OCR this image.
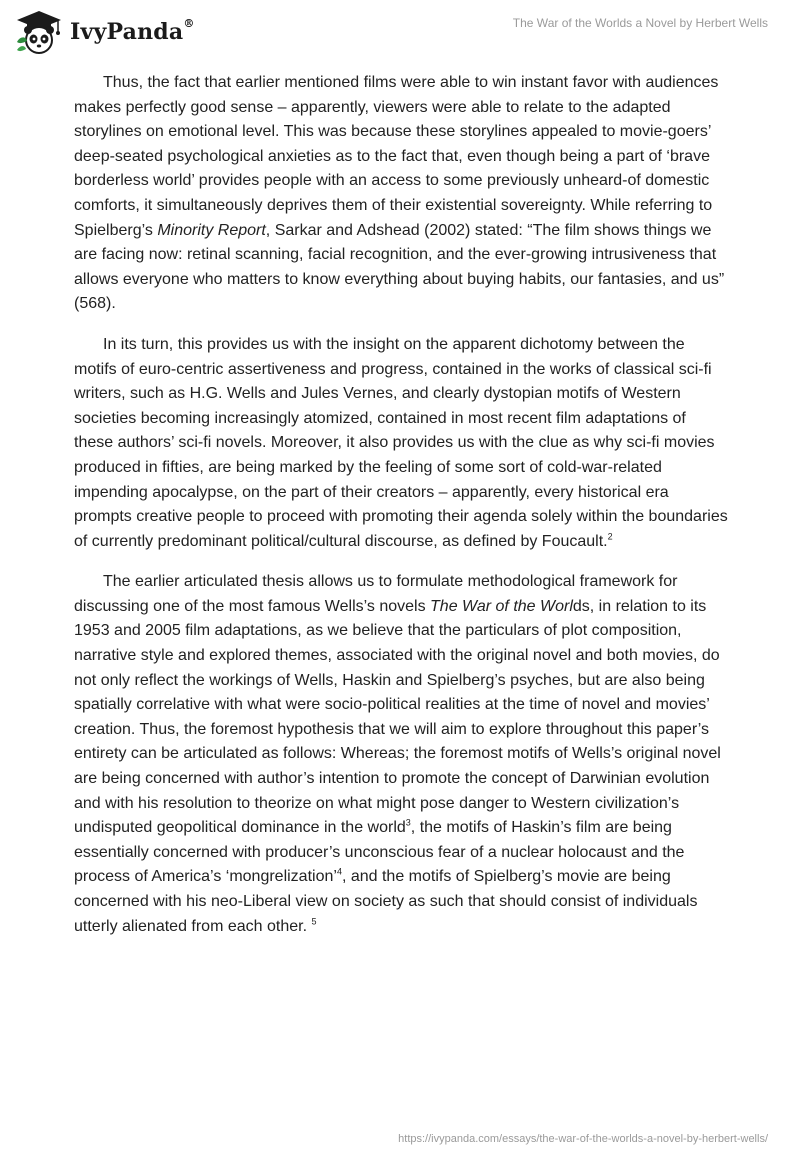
IvyPanda®	The War of the Worlds a Novel by Herbert Wells

Thus, the fact that earlier mentioned films were able to win instant favor with audiences makes perfectly good sense – apparently, viewers were able to relate to the adapted storylines on emotional level. This was because these storylines appealed to movie-goers’ deep-seated psychological anxieties as to the fact that, even though being a part of ‘brave borderless world’ provides people with an access to some previously unheard-of domestic comforts, it simultaneously deprives them of their existential sovereignty. While referring to Spielberg’s Minority Report, Sarkar and Adshead (2002) stated: “The film shows things we are facing now: retinal scanning, facial recognition, and the ever-growing intrusiveness that allows everyone who matters to know everything about buying habits, our fantasies, and us” (568).

In its turn, this provides us with the insight on the apparent dichotomy between the motifs of euro-centric assertiveness and progress, contained in the works of classical sci-fi writers, such as H.G. Wells and Jules Vernes, and clearly dystopian motifs of Western societies becoming increasingly atomized, contained in most recent film adaptations of these authors’ sci-fi novels. Moreover, it also provides us with the clue as why sci-fi movies produced in fifties, are being marked by the feeling of some sort of cold-war-related impending apocalypse, on the part of their creators – apparently, every historical era prompts creative people to proceed with promoting their agenda solely within the boundaries of currently predominant political/cultural discourse, as defined by Foucault.$^2$

The earlier articulated thesis allows us to formulate methodological framework for discussing one of the most famous Wells’s novels The War of the Worlds, in relation to its 1953 and 2005 film adaptations, as we believe that the particulars of plot composition, narrative style and explored themes, associated with the original novel and both movies, do not only reflect the workings of Wells, Haskin and Spielberg’s psyches, but are also being spatially correlative with what were socio-political realities at the time of novel and movies’ creation. Thus, the foremost hypothesis that we will aim to explore throughout this paper’s entirety can be articulated as follows: Whereas; the foremost motifs of Wells’s original novel are being concerned with author’s intention to promote the concept of Darwinian evolution and with his resolution to theorize on what might pose danger to Western civilization’s undisputed geopolitical dominance in the world$^3$, the motifs of Haskin’s film are being essentially concerned with producer’s unconscious fear of a nuclear holocaust and the process of America’s ‘mongrelization’$^4$, and the motifs of Spielberg’s movie are being concerned with his neo-Liberal view on society as such that should consist of individuals utterly alienated from each other. $^5$

https://ivypanda.com/essays/the-war-of-the-worlds-a-novel-by-herbert-wells/
